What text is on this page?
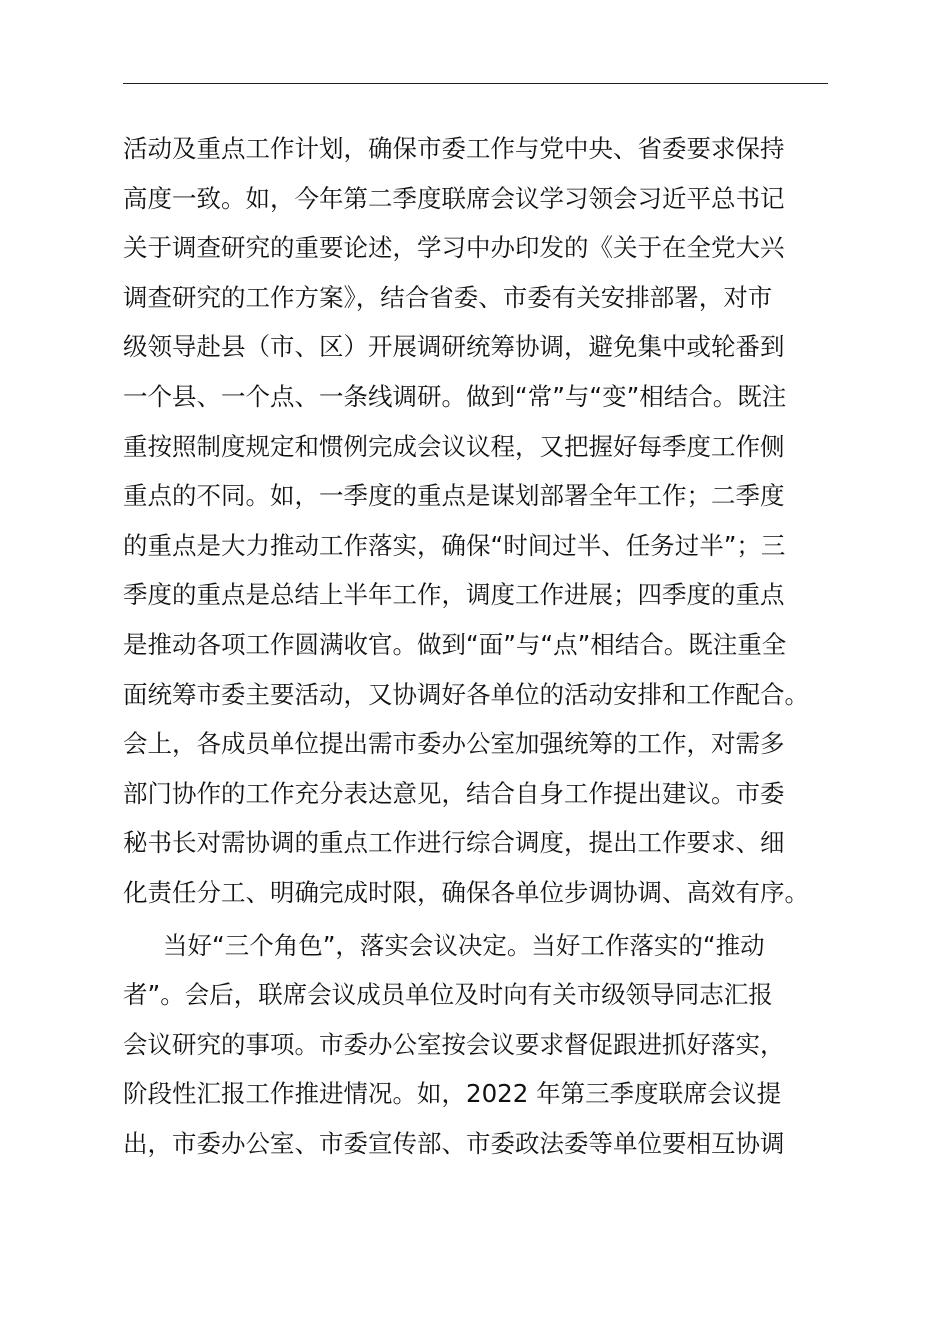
活动及重点工作计划，确保市委工作与党中央、省委要求保持
高度一致。如，今年第二季度联席会议学习领会习近平总书记
关于调查研究的重要论述，学习中办印发的《关于在全党大兴
调查研究的工作方案》，结合省委、市委有关安排部署，对市
级领导赴县（市、区）开展调研统筹协调，避免集中或轮番到
一个县、一个点、一条线调研。做到“常”与“变”相结合。既注
重按照制度规定和惯例完成会议议程，又把握好每季度工作侧
重点的不同。如，一季度的重点是谋划部署全年工作；二季度
的重点是大力推动工作落实，确保“时间过半、任务过半”；三
季度的重点是总结上半年工作，调度工作进展；四季度的重点
是推动各项工作圆满收官。做到“面”与“点”相结合。既注重全
面统筹市委主要活动，又协调好各单位的活动安排和工作配合。
会上，各成员单位提出需市委办公室加强统筹的工作，对需多
部门协作的工作充分表达意见，结合自身工作提出建议。市委
秘书长对需协调的重点工作进行综合调度，提出工作要求、细
化责任分工、明确完成时限，确保各单位步调协调、高效有序。
当好“三个角色”，落实会议决定。当好工作落实的“推动
者”。会后，联席会议成员单位及时向有关市级领导同志汇报
会议研究的事项。市委办公室按会议要求督促跟进抓好落实，
阶段性汇报工作推进情况。如，2022 年第三季度联席会议提
出，市委办公室、市委宣传部、市委政法委等单位要相互协调
